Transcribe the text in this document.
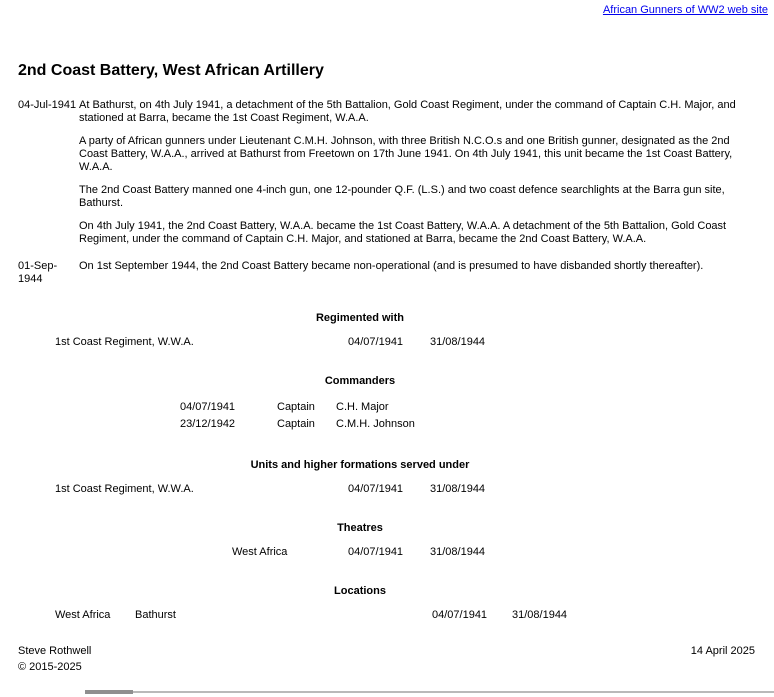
African Gunners of WW2 web site
2nd Coast Battery, West African Artillery
04-Jul-1941 At Bathurst, on 4th July 1941, a detachment of the 5th Battalion, Gold Coast Regiment, under the command of Captain C.H. Major, and stationed at Barra, became the 1st Coast Regiment, W.A.A.

A party of African gunners under Lieutenant C.M.H. Johnson, with three British N.C.O.s and one British gunner, designated as the 2nd Coast Battery, W.A.A., arrived at Bathurst from Freetown on 17th June 1941. On 4th July 1941, this unit became the 1st Coast Battery, W.A.A.

The 2nd Coast Battery manned one 4-inch gun, one 12-pounder Q.F. (L.S.) and two coast defence searchlights at the Barra gun site, Bathurst.

On 4th July 1941, the 2nd Coast Battery, W.A.A. became the 1st Coast Battery, W.A.A. A detachment of the 5th Battalion, Gold Coast Regiment, under the command of Captain C.H. Major, and stationed at Barra, became the 2nd Coast Battery, W.A.A.

01-Sep-1944

On 1st September 1944, the 2nd Coast Battery became non-operational (and is presumed to have disbanded shortly thereafter).

Regimented with
1st Coast Regiment, W.W.A.	04/07/1941	31/08/1944
Commanders
04/07/1941	Captain	C.H. Major
23/12/1942	Captain	C.M.H. Johnson
Units and higher formations served under
1st Coast Regiment, W.W.A.	04/07/1941	31/08/1944
Theatres
West Africa	04/07/1941	31/08/1944
Locations
West Africa	Bathurst	04/07/1941	31/08/1944
Steve Rothwell
© 2015-2025
14 April 2025
